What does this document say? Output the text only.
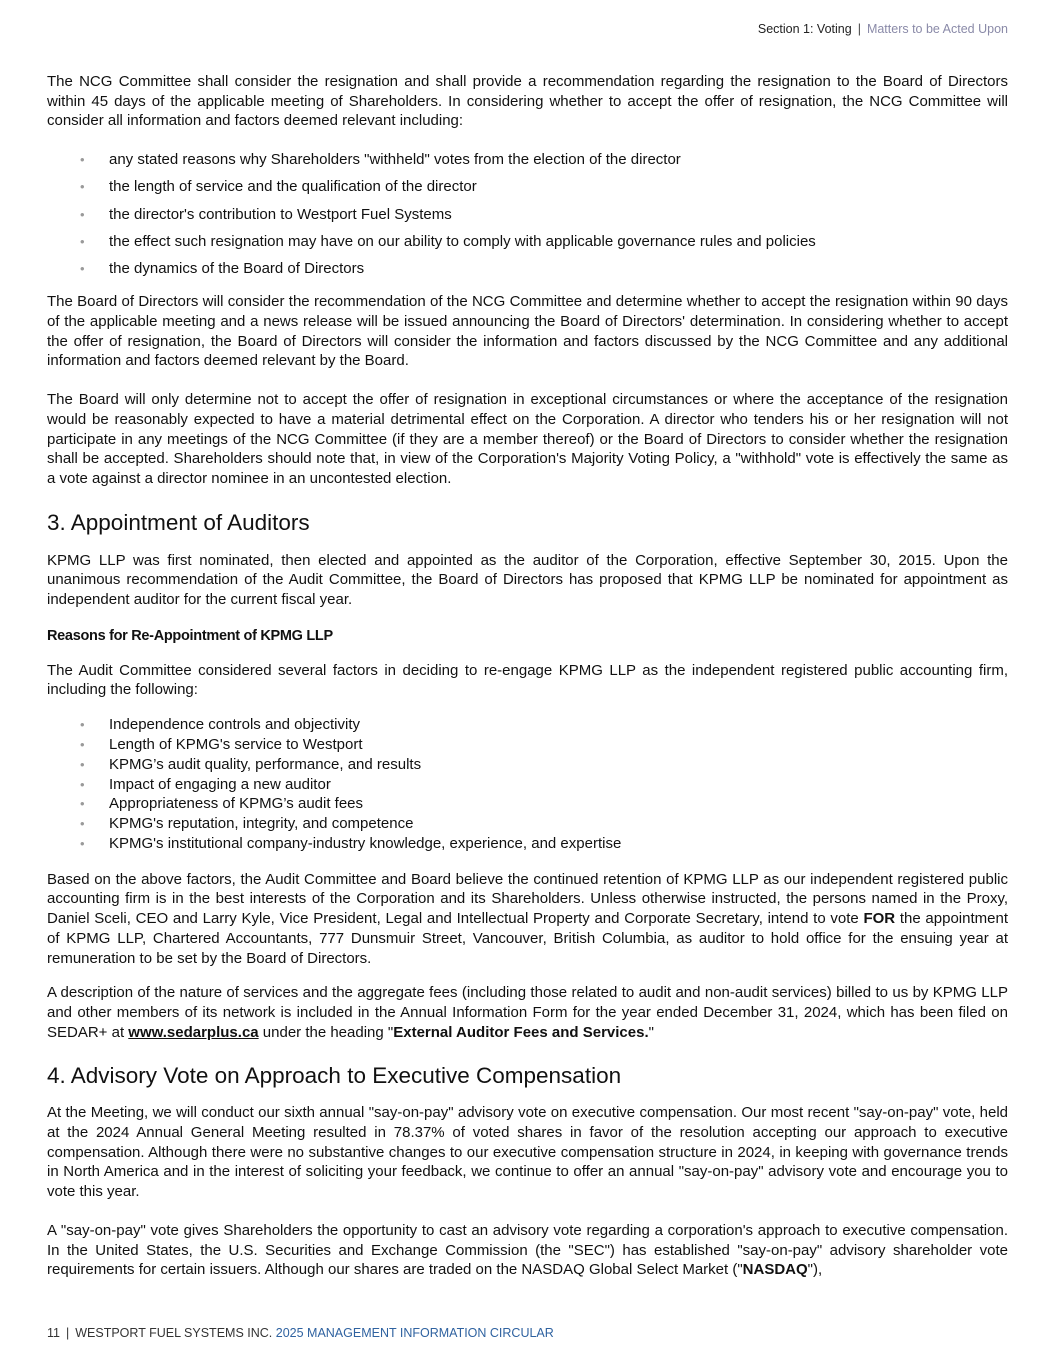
Section 1: Voting | Matters to be Acted Upon

The NCG Committee shall consider the resignation and shall provide a recommendation regarding the resignation to the Board of Directors within 45 days of the applicable meeting of Shareholders. In considering whether to accept the offer of resignation, the NCG Committee will consider all information and factors deemed relevant including:

• any stated reasons why Shareholders "withheld" votes from the election of the director
• the length of service and the qualification of the director
• the director's contribution to Westport Fuel Systems
• the effect such resignation may have on our ability to comply with applicable governance rules and policies
• the dynamics of the Board of Directors

The Board of Directors will consider the recommendation of the NCG Committee and determine whether to accept the resignation within 90 days of the applicable meeting and a news release will be issued announcing the Board of Directors' determination. In considering whether to accept the offer of resignation, the Board of Directors will consider the information and factors discussed by the NCG Committee and any additional information and factors deemed relevant by the Board.

The Board will only determine not to accept the offer of resignation in exceptional circumstances or where the acceptance of the resignation would be reasonably expected to have a material detrimental effect on the Corporation. A director who tenders his or her resignation will not participate in any meetings of the NCG Committee (if they are a member thereof) or the Board of Directors to consider whether the resignation shall be accepted. Shareholders should note that, in view of the Corporation's Majority Voting Policy, a "withhold" vote is effectively the same as a vote against a director nominee in an uncontested election.

3. Appointment of Auditors

KPMG LLP was first nominated, then elected and appointed as the auditor of the Corporation, effective September 30, 2015. Upon the unanimous recommendation of the Audit Committee, the Board of Directors has proposed that KPMG LLP be nominated for appointment as independent auditor for the current fiscal year.

Reasons for Re-Appointment of KPMG LLP

The Audit Committee considered several factors in deciding to re-engage KPMG LLP as the independent registered public accounting firm, including the following:

• Independence controls and objectivity
• Length of KPMG's service to Westport
• KPMG’s audit quality, performance, and results
• Impact of engaging a new auditor
• Appropriateness of KPMG’s audit fees
• KPMG's reputation, integrity, and competence
• KPMG's institutional company-industry knowledge, experience, and expertise

Based on the above factors, the Audit Committee and Board believe the continued retention of KPMG LLP as our independent registered public accounting firm is in the best interests of the Corporation and its Shareholders. Unless otherwise instructed, the persons named in the Proxy, Daniel Sceli, CEO and Larry Kyle, Vice President, Legal and Intellectual Property and Corporate Secretary, intend to vote FOR the appointment of KPMG LLP, Chartered Accountants, 777 Dunsmuir Street, Vancouver, British Columbia, as auditor to hold office for the ensuing year at remuneration to be set by the Board of Directors.

A description of the nature of services and the aggregate fees (including those related to audit and non-audit services) billed to us by KPMG LLP and other members of its network is included in the Annual Information Form for the year ended December 31, 2024, which has been filed on SEDAR+ at www.sedarplus.ca under the heading "External Auditor Fees and Services."

4. Advisory Vote on Approach to Executive Compensation

At the Meeting, we will conduct our sixth annual "say-on-pay" advisory vote on executive compensation. Our most recent "say-on-pay" vote, held at the 2024 Annual General Meeting resulted in 78.37% of voted shares in favor of the resolution accepting our approach to executive compensation. Although there were no substantive changes to our executive compensation structure in 2024, in keeping with governance trends in North America and in the interest of soliciting your feedback, we continue to offer an annual "say-on-pay" advisory vote and encourage you to vote this year.

A "say-on-pay" vote gives Shareholders the opportunity to cast an advisory vote regarding a corporation's approach to executive compensation. In the United States, the U.S. Securities and Exchange Commission (the "SEC") has established "say-on-pay" advisory shareholder vote requirements for certain issuers. Although our shares are traded on the NASDAQ Global Select Market ("NASDAQ"),

11 | WESTPORT FUEL SYSTEMS INC. 2025 MANAGEMENT INFORMATION CIRCULAR
